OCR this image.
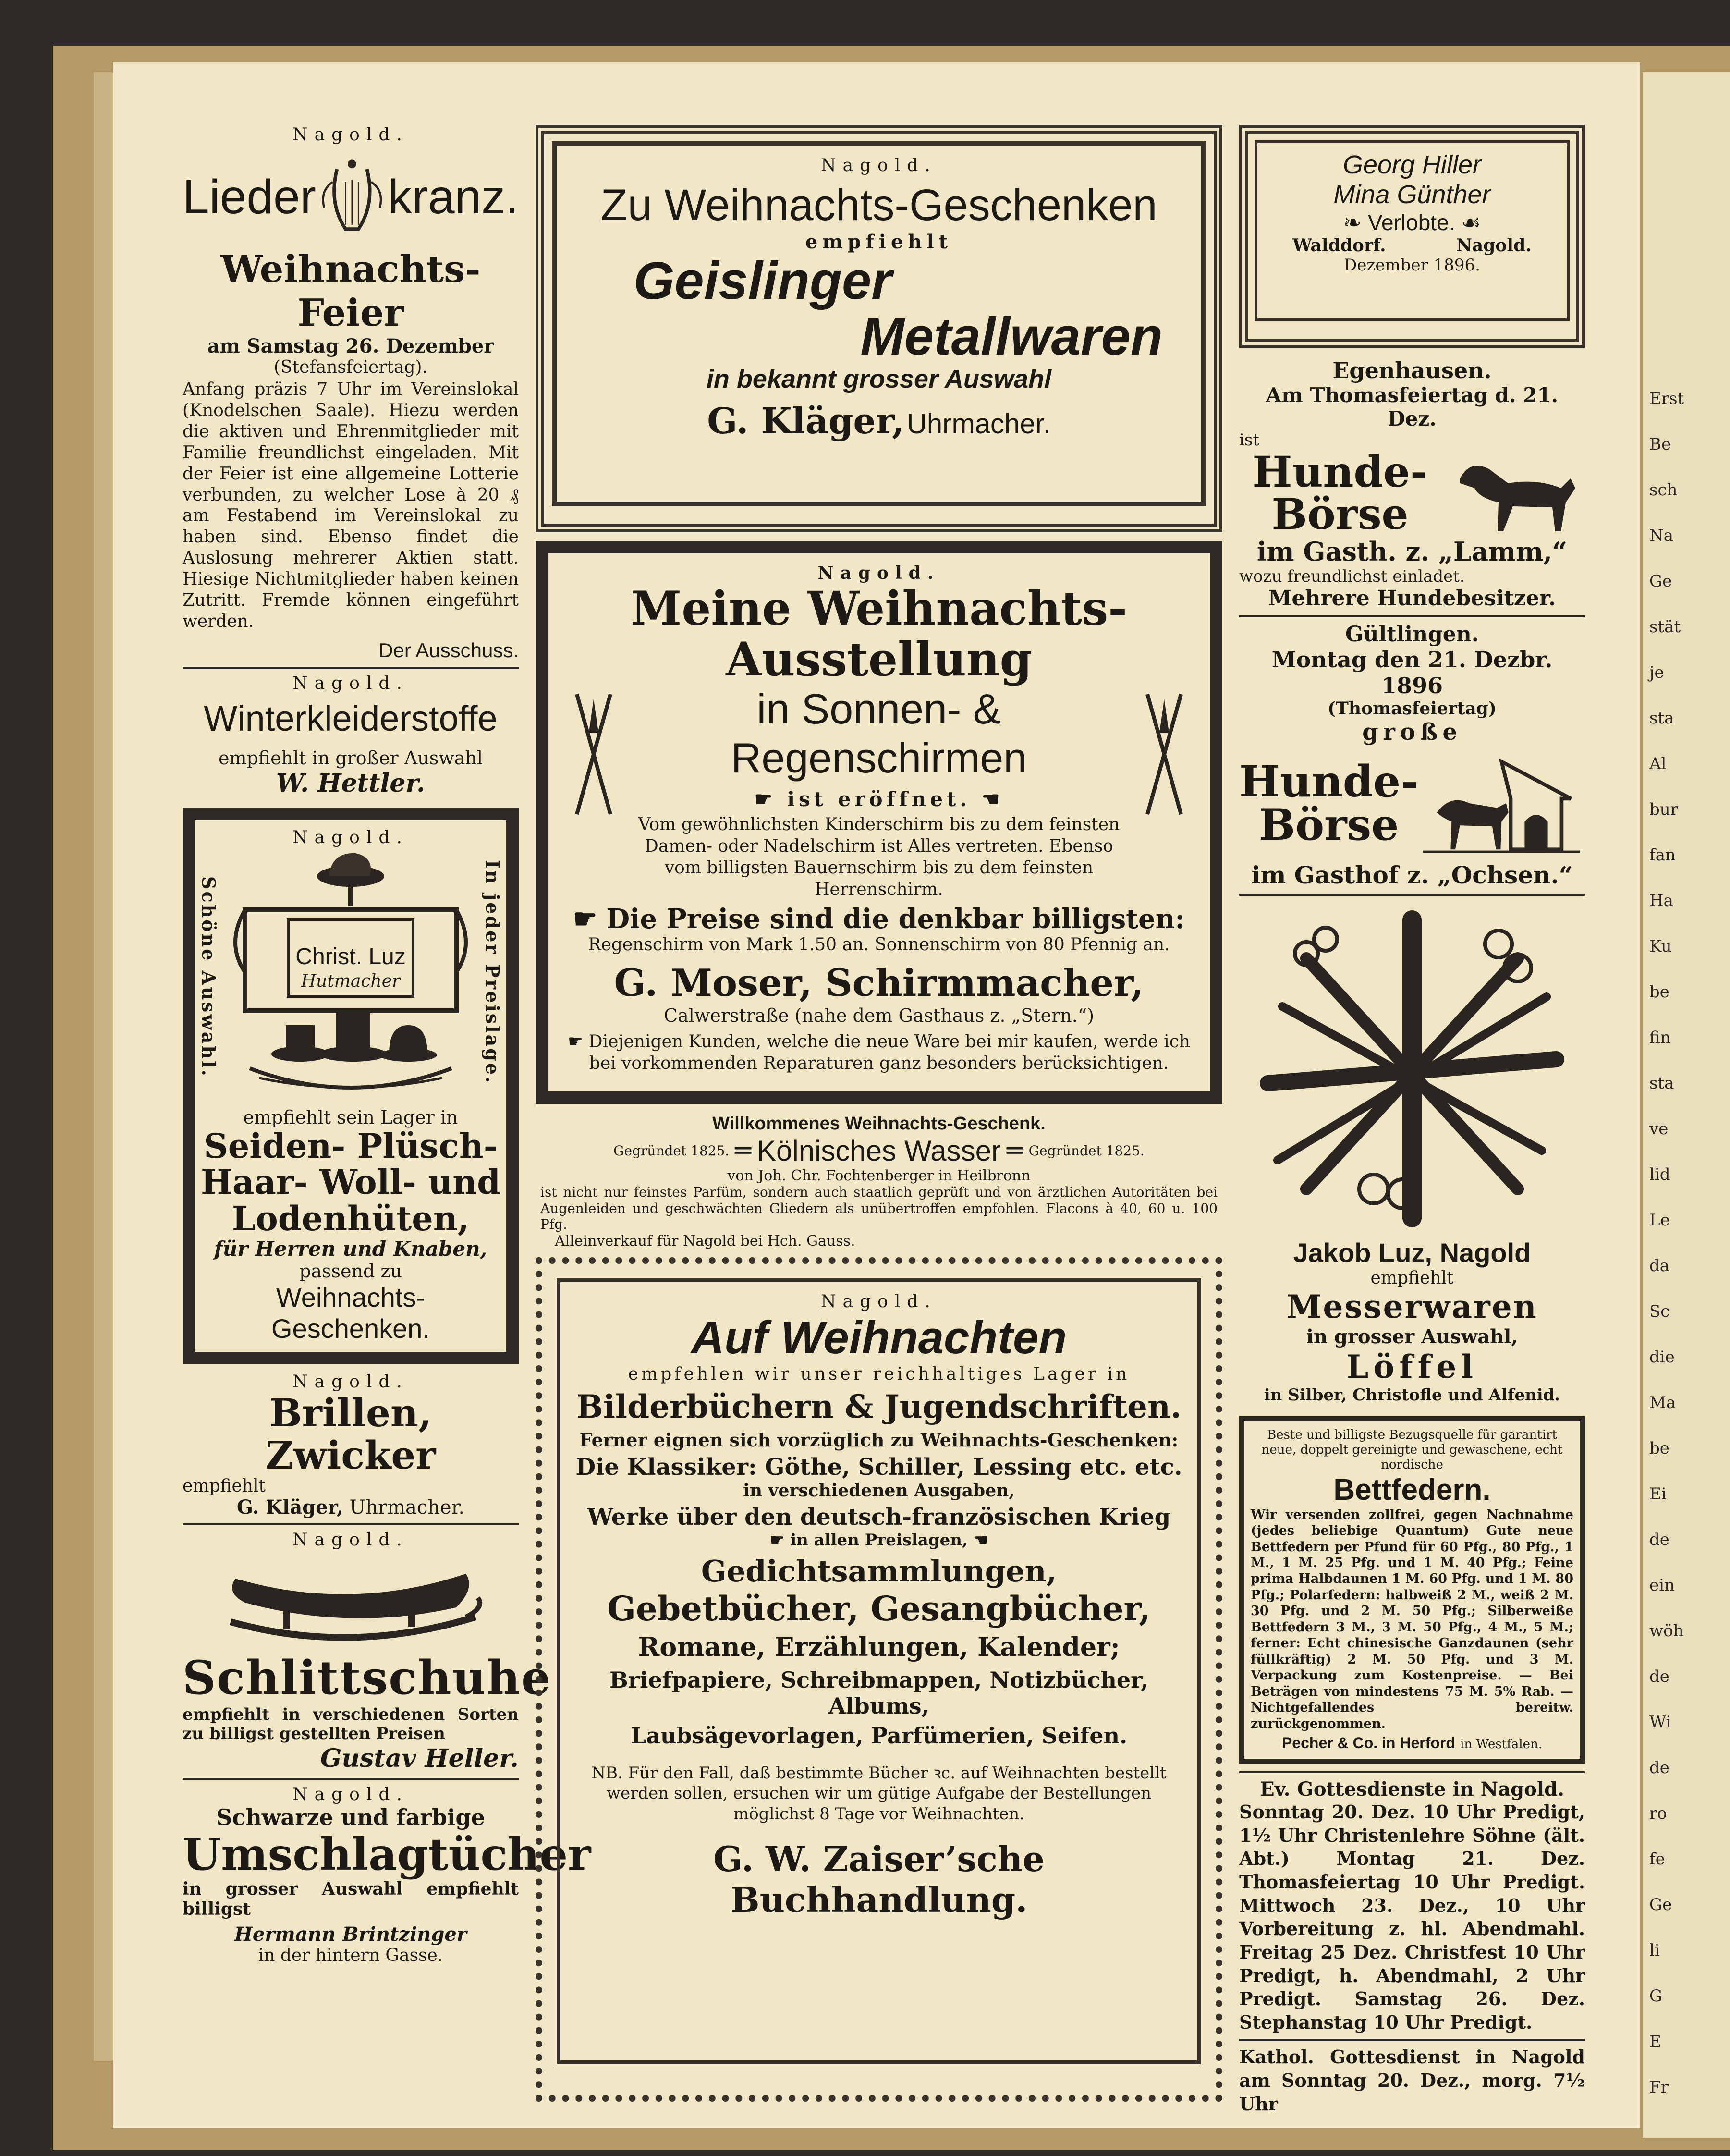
Erst
Be
sch
Na
Ge
stät
je
sta
Al
bur
fan
Ha
Ku
be
fin
sta
ve
lid
Le
da
Sc
die
Ma
be
Ei
de
ein
wöh
de
Wi
de
ro
fe
Ge
li
G
E
Fr

Nagold.

Lieder kranz.
Weihnachts-Feier
am Samstag 26. Dezember
(Stefansfeiertag).
Anfang präzis 7 Uhr im Vereinslokal (Knodelschen Saale). Hiezu werden die aktiven und Ehrenmitglieder mit Familie freundlichst eingeladen. Mit der Feier ist eine allgemeine Lotterie verbunden, zu welcher Lose à 20 ₰ am Festabend im Vereinslokal zu haben sind. Ebenso findet die Auslosung mehrerer Aktien statt. Hiesige Nichtmitglieder haben keinen Zutritt. Fremde können eingeführt werden.
Der Ausschuss.

Nagold.

Winterkleiderstoffe
empfiehlt in großer Auswahl
W. Hettler.

Nagold.

Schöne Auswahl.	In jeder Preislage.
Christ. Luz
Hutmacher
empfiehlt sein Lager in
Seiden- Plüsch-
Haar- Woll- und
Lodenhüten,
für Herren und Knaben,
passend zu
Weihnachts-Geschenken.

Nagold.

Brillen, Zwicker
empfiehlt
G. Kläger, Uhrmacher.

Nagold.

Schlittschuhe
empfiehlt in verschiedenen Sorten zu billigst gestellten Preisen
Gustav Heller.

Nagold.

Schwarze und farbige
Umschlagtücher
in grosser Auswahl empfiehlt billigst
Hermann Brintzinger
in der hintern Gasse.

Nagold.

Zu Weihnachts-Geschenken
empfiehlt
Geislinger
Metallwaren
in bekannt grosser Auswahl
G. Kläger, Uhrmacher.

Nagold.

Meine Weihnachts-Ausstellung
in Sonnen- & Regenschirmen
☛ ist eröffnet. ☚
Vom gewöhnlichsten Kinderschirm bis zu dem feinsten Damen- oder Nadelschirm ist Alles vertreten. Ebenso vom billigsten Bauernschirm bis zu dem feinsten Herrenschirm.
☛ Die Preise sind die denkbar billigsten:
Regenschirm von Mark 1.50 an. Sonnenschirm von 80 Pfennig an.
G. Moser, Schirmmacher,
Calwerstraße (nahe dem Gasthaus z. „Stern.“)
☛ Diejenigen Kunden, welche die neue Ware bei mir kaufen, werde ich bei vorkommenden Reparaturen ganz besonders berücksichtigen.
Willkommenes Weihnachts-Geschenk.
Gegründet 1825. ═ Kölnisches Wasser ═ Gegründet 1825.
von Joh. Chr. Fochtenberger in Heilbronn
ist nicht nur feinstes Parfüm, sondern auch staatlich geprüft und von ärztlichen Autoritäten bei Augenleiden und geschwächten Gliedern als unübertroffen empfohlen. Flacons à 40, 60 u. 100 Pfg.
Alleinverkauf für Nagold bei Hch. Gauss.

Nagold.

Auf Weihnachten
empfehlen wir unser reichhaltiges Lager in
Bilderbüchern & Jugendschriften.
Ferner eignen sich vorzüglich zu Weihnachts-Geschenken:
Die Klassiker: Göthe, Schiller, Lessing etc. etc.
in verschiedenen Ausgaben,
Werke über den deutsch-französischen Krieg
☛ in allen Preislagen, ☚
Gedichtsammlungen,
Gebetbücher, Gesangbücher,
Romane, Erzählungen, Kalender;
Briefpapiere, Schreibmappen, Notizbücher, Albums,
Laubsägevorlagen, Parfümerien, Seifen.
NB. Für den Fall, daß bestimmte Bücher ꝛc. auf Weihnachten bestellt werden sollen, ersuchen wir um gütige Aufgabe der Bestellungen möglichst 8 Tage vor Weihnachten.
G. W. Zaiser’sche Buchhandlung.
Georg Hiller
Mina Günther
❧ Verlobte. ☙
Walddorf.	Nagold.
Dezember 1896.
Egenhausen.
Am Thomasfeiertag d. 21. Dez.
ist
Hunde-
Börse
im Gasth. z. „Lamm,“
wozu freundlichst einladet.
Mehrere Hundebesitzer.
Gültlingen.
Montag den 21. Dezbr. 1896
(Thomasfeiertag)
große
Hunde-
Börse
im Gasthof z. „Ochsen.“
Jakob Luz, Nagold
empfiehlt
Messerwaren
in grosser Auswahl,
Löffel
in Silber, Christofle und Alfenid.
Beste und billigste Bezugsquelle für garantirt neue, doppelt gereinigte und gewaschene, echt nordische
Bettfedern.
Wir versenden zollfrei, gegen Nachnahme (jedes beliebige Quantum) Gute neue Bettfedern per Pfund für 60 Pfg., 80 Pfg., 1 M., 1 M. 25 Pfg. und 1 M. 40 Pfg.; Feine prima Halbdaunen 1 M. 60 Pfg. und 1 M. 80 Pfg.; Polarfedern: halbweiß 2 M., weiß 2 M. 30 Pfg. und 2 M. 50 Pfg.; Silberweiße Bettfedern 3 M., 3 M. 50 Pfg., 4 M., 5 M.; ferner: Echt chinesische Ganzdaunen (sehr füllkräftig) 2 M. 50 Pfg. und 3 M. Verpackung zum Kostenpreise. — Bei Beträgen von mindestens 75 M. 5% Rab. — Nichtgefallendes bereitw. zurückgenommen.
Pecher & Co. in Herford in Westfalen.
Ev. Gottesdienste in Nagold.
Sonntag 20. Dez. 10 Uhr Predigt, 1½ Uhr Christenlehre Söhne (ält. Abt.) Montag 21. Dez. Thomasfeiertag 10 Uhr Predigt. Mittwoch 23. Dez., 10 Uhr Vorbereitung z. hl. Abendmahl. Freitag 25 Dez. Christfest 10 Uhr Predigt, h. Abendmahl, 2 Uhr Predigt. Samstag 26. Dez. Stephanstag 10 Uhr Predigt.
Kathol. Gottesdienst in Nagold am Sonntag 20. Dez., morg. 7½ Uhr
